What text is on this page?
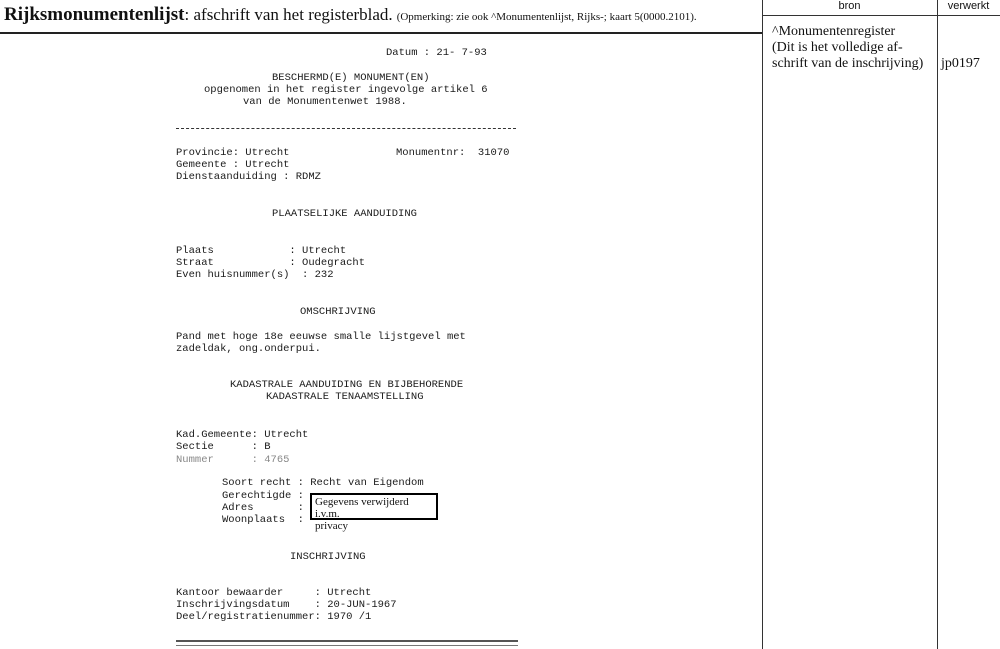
Rijksmonumentenlijst: afschrift van het registerblad. (Opmerking: zie ook ^Monumentenlijst, Rijks-; kaart 5(0000.2101).
bron	verwerkt
^Monumentenregister
(Dit is het volledige af-
schrift van de inschrijving) jp0197
Datum : 21- 7-93
BESCHERMD(E) MONUMENT(EN)
opgenomen in het register ingevolge artikel 6
van de Monumentenwet 1988.
Provincie: Utrecht	Monumentnr:  31070
Gemeente : Utrecht
Dienstaanduiding : RDMZ
PLAATSELIJKE AANDUIDING
Plaats            : Utrecht
Straat            : Oudegracht
Even huisnummer(s)  : 232
OMSCHRIJVING
Pand met hoge 18e eeuwse smalle lijstgevel met
zadeldak, ong.onderpui.
KADASTRALE AANDUIDING EN BIJBEHORENDE
KADASTRALE TENAAMSTELLING
Kad.Gemeente: Utrecht
Sectie      : B
Nummer      : 4765
Soort recht : Recht van Eigendom
Gerechtigde :
Adres       :
Woonplaats  :
Gegevens verwijderd i.v.m.
privacy
INSCHRIJVING
Kantoor bewaarder     : Utrecht
Inschrijvingsdatum    : 20-JUN-1967
Deel/registratienummer: 1970 /1
